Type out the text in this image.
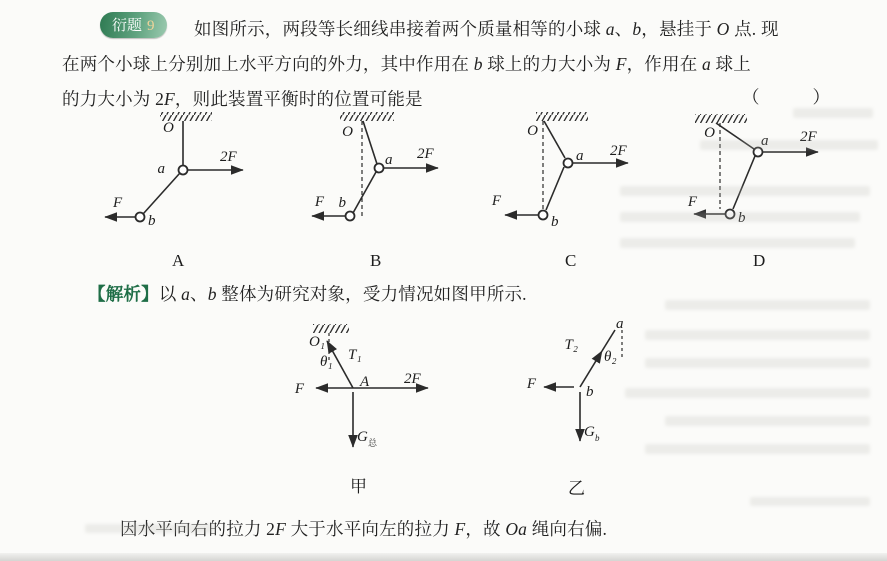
衍题 9	如图所示，两段等长细线串接着两个质量相等的小球 a、b，悬挂于 O 点. 现
在两个小球上分别加上水平方向的外力，其中作用在 b 球上的力大小为 F，作用在 a 球上
的力大小为 2F，则此装置平衡时的位置可能是	（　　）
O
a
2F
b
F
A
O
a 2F
b
F
B
O
a 2F
b
F
C
O	a 2F
b
F
D
【解析】以 a、b 整体为研究对象，受力情况如图甲所示.
O₁
θ₁ T₁
A
F
2F
G 总
甲
a
T₂
θ₂
b
F
G b
乙
因水平向右的拉力 2F 大于水平向左的拉力 F，故 Oa 绳向右偏.
